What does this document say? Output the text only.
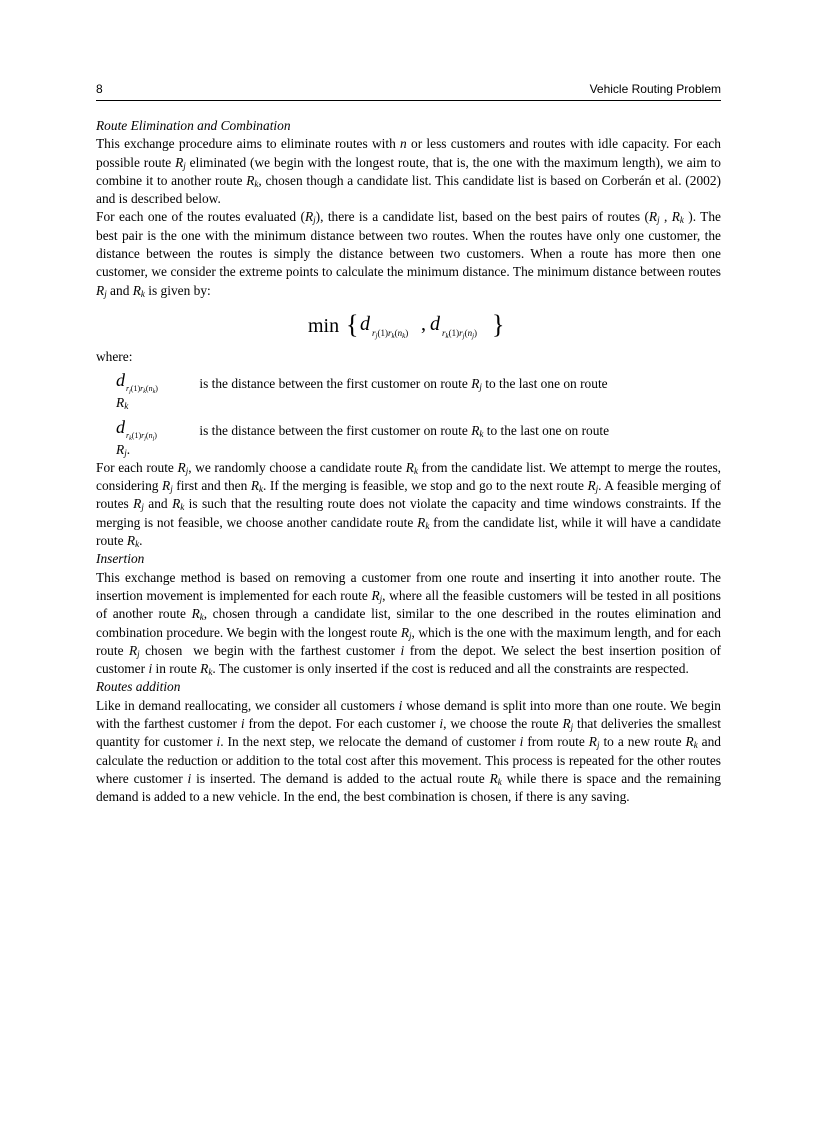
8	Vehicle Routing Problem

Route Elimination and Combination

This exchange procedure aims to eliminate routes with n or less customers and routes with idle capacity. For each possible route $R_j$ eliminated (we begin with the longest route, that is, the one with the maximum length), we aim to combine it to another route $R_k$, chosen though a candidate list. This candidate list is based on Corberán et al. (2002) and is described below.

For each one of the routes evaluated $(R_j)$, there is a candidate list, based on the best pairs of routes ($R_j$ , $R_k$ ). The best pair is the one with the minimum distance between two routes. When the routes have only one customer, the distance between the routes is simply the distance between two customers. When a route has more then one customer, we consider the extreme points to calculate the minimum distance. The minimum distance between routes $R_j$ and $R_k$ is given by:

min { d $r_j(1)r_k(n_k)$ , d $r_k(1)r_j(n_j)$ }

where:

d $r_j(1)r_k(n_k)$	is the distance between the first customer on route $R_j$ to the last one on route

$R_k$

d $r_k(1)r_j(n_j)$	is the distance between the first customer on route $R_k$ to the last one on route

$R_j$.

For each route $R_j$, we randomly choose a candidate route $R_k$ from the candidate list. We attempt to merge the routes, considering $R_j$ first and then $R_k$. If the merging is feasible, we stop and go to the next route $R_j$. A feasible merging of routes $R_j$ and $R_k$ is such that the resulting route does not violate the capacity and time windows constraints. If the merging is not feasible, we choose another candidate route $R_k$ from the candidate list, while it will have a candidate route $R_k$.

Insertion

This exchange method is based on removing a customer from one route and inserting it into another route. The insertion movement is implemented for each route $R_j$, where all the feasible customers will be tested in all positions of another route $R_k$, chosen through a candidate list, similar to the one described in the routes elimination and combination procedure. We begin with the longest route $R_j$, which is the one with the maximum length, and for each route $R_j$ chosen  we begin with the farthest customer i from the depot. We select the best insertion position of customer i in route $R_k$. The customer is only inserted if the cost is reduced and all the constraints are respected.

Routes addition

Like in demand reallocating, we consider all customers i whose demand is split into more than one route. We begin with the farthest customer i from the depot. For each customer i, we choose the route $R_j$ that deliveries the smallest quantity for customer i. In the next step, we relocate the demand of customer i from route $R_j$ to a new route $R_k$ and calculate the reduction or addition to the total cost after this movement. This process is repeated for the other routes where customer i is inserted. The demand is added to the actual route $R_k$ while there is space and the remaining demand is added to a new vehicle. In the end, the best combination is chosen, if there is any saving.
